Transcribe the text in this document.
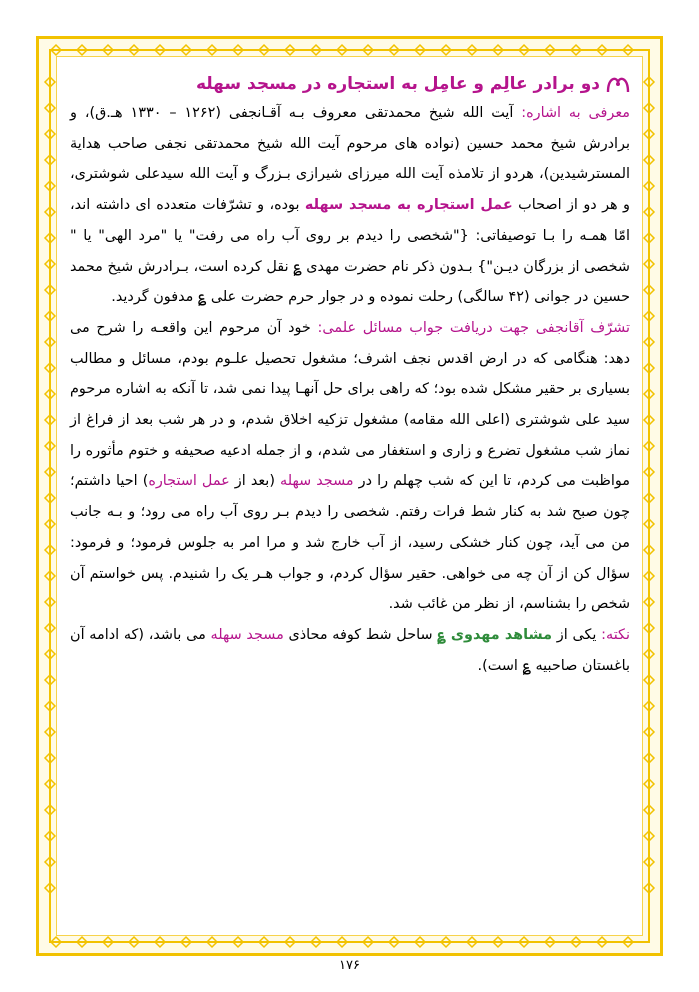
دو برادر عالِم و عامِل به استجاره در مسجد سهله

معرفی به اشاره: آیت الله شیخ محمدتقی معروف بـه آقـانجفی (۱۲۶۲ – ۱۳۳۰ هـ.ق)، و برادرش شیخ محمد حسین (نواده های مرحوم آیت الله شیخ محمدتقی نجفی صاحب هدایة المسترشیدین)، هردو از تلامذه آیت الله میرزای شیرازی بـزرگ و آیت الله سیدعلی شوشتری، و هر دو از اصحاب عمل استجاره به مسجد سهله بوده، و تشرّفات متعدده ای داشته اند، امّا همـه را بـا توصیفاتی: {"شخصی را دیدم بر روی آب راه می رفت" یا "مرد الهی" یا " شخصی از بزرگان دیـن"} بـدون ذکر نام حضرت مهدی ؏ نقل کرده است، بـرادرش شیخ محمد حسین در جوانی (۴۲ سالگی) رحلت نموده و در جوار حرم حضرت علی ؏ مدفون گردید.

تشرّف آقانجفی جهت دریافت جواب مسائل علمی: خود آن مرحوم این واقعـه را شرح می دهد: هنگامی که در ارض اقدس نجف اشرف؛ مشغول تحصیل علـوم بودم، مسائل و مطالب بسیاری بر حقیر مشکل شده بود؛ که راهی برای حل آنهـا پیدا نمی شد، تا آنکه به اشاره مرحوم سید علی شوشتری (اعلی الله مقامه) مشغول تزکیه اخلاق شدم، و در هر شب بعد از فراغ از نماز شب مشغول تضرع و زاری و استغفار می شدم، و از جمله ادعیه صحیفه و ختوم مأثوره را مواظبت می کردم، تا این که شب چهلم را در مسجد سهله (بعد از عمل استجاره) احیا داشتم؛ چون صبح شد به کنار شط فرات رفتم. شخصی را دیدم بـر روی آب راه می رود؛ و بـه جانب من می آید، چون کنار خشکی رسید، از آب خارج شد و مرا امر به جلوس فرمود؛ و فرمود: سؤال کن از آن چه می خواهی. حقیر سؤال کردم، و جواب هـر یک را شنیدم. پس خواستم آن شخص را بشناسم، از نظر من غائب شد.

نکته: یکی از مشاهد مهدوی ؏ ساحل شط کوفه محاذی مسجد سهله می باشد، (که ادامه آن باغستان صاحبیه ؏ است).

۱۷۶
